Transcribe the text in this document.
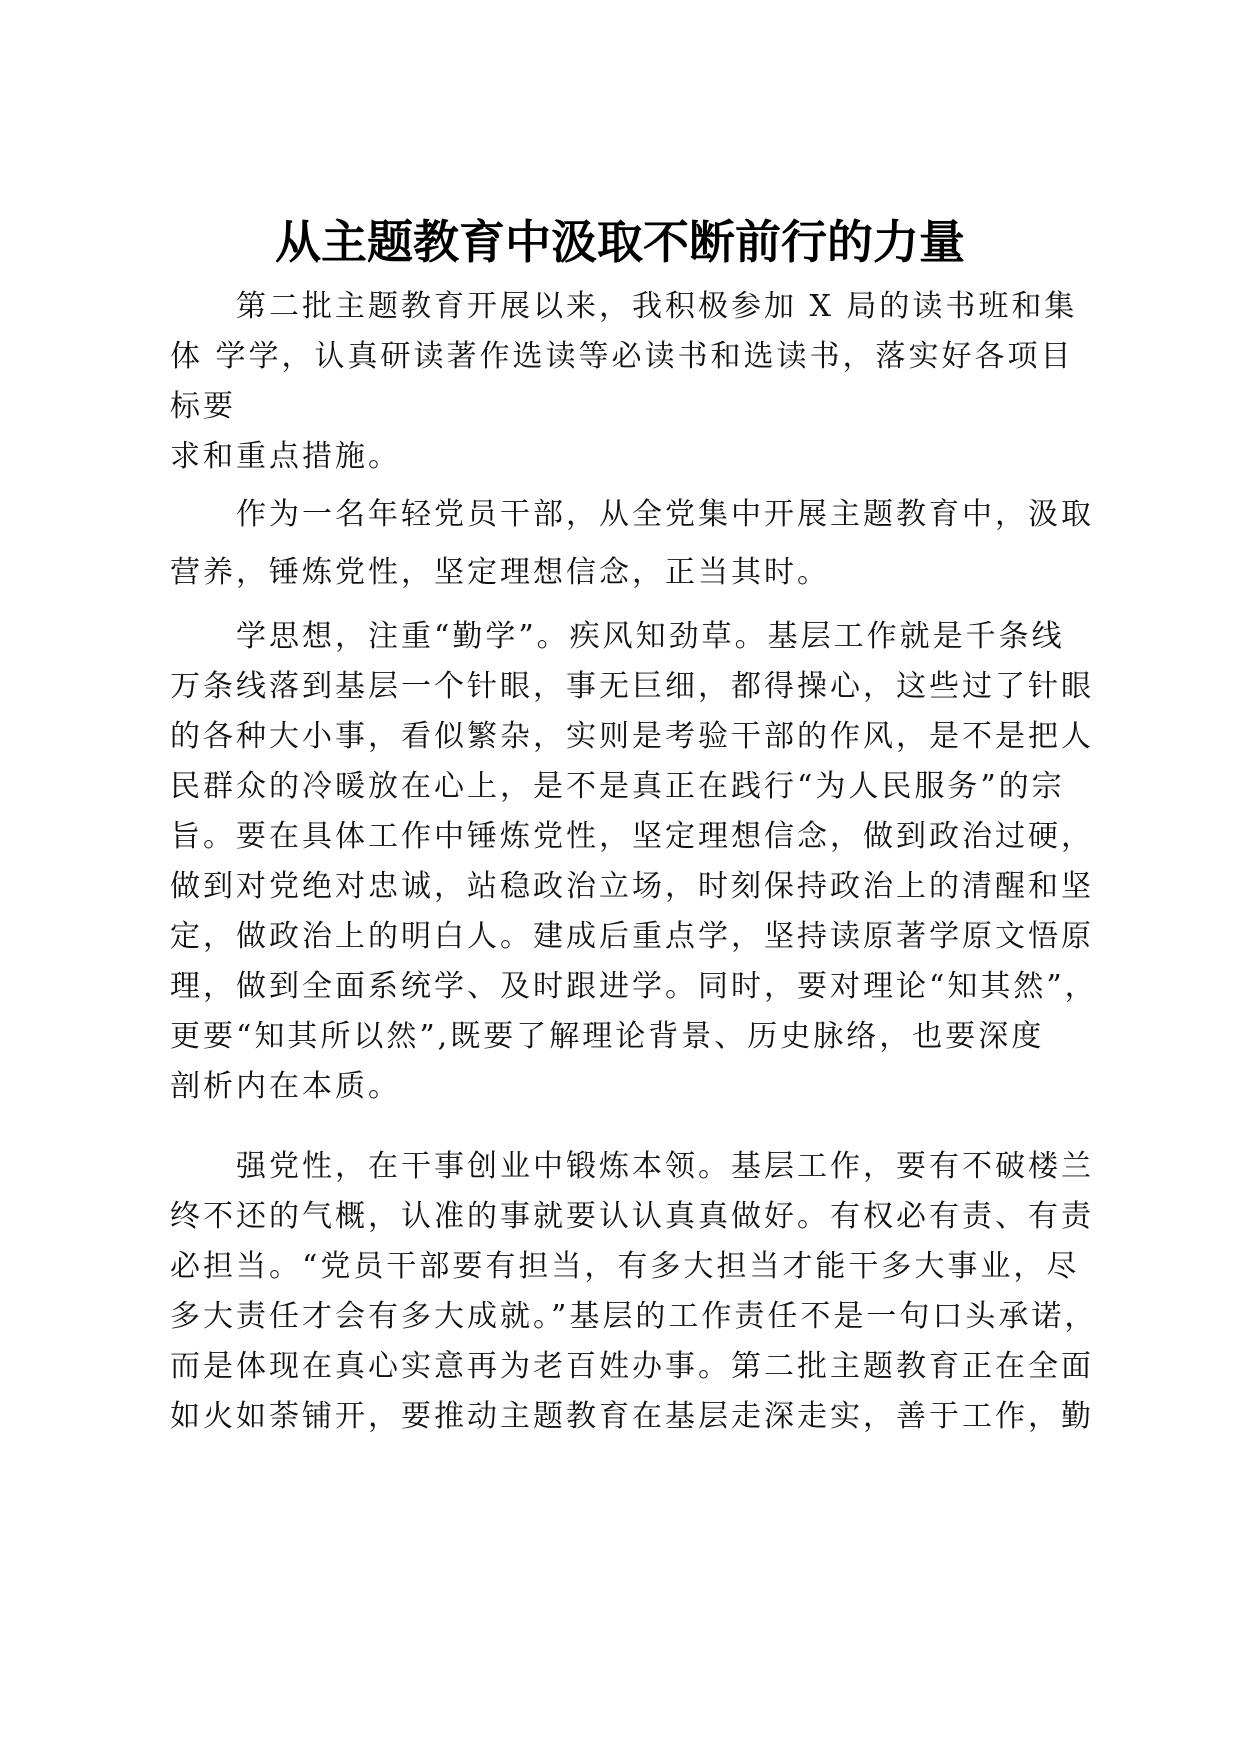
从主题教育中汲取不断前行的力量
第二批主题教育开展以来，我积极参加 X 局的读书班和集
体 学学，认真研读著作选读等必读书和选读书，落实好各项目
标要
求和重点措施。
作为一名年轻党员干部，从全党集中开展主题教育中，汲取
营养，锤炼党性，坚定理想信念，正当其时。
学思想，注重“勤学”。疾风知劲草。基层工作就是千条线
万条线落到基层一个针眼，事无巨细，都得操心，这些过了针眼
的各种大小事，看似繁杂，实则是考验干部的作风，是不是把人
民群众的冷暖放在心上，是不是真正在践行“为人民服务”的宗
旨。要在具体工作中锤炼党性，坚定理想信念，做到政治过硬，
做到对党绝对忠诚，站稳政治立场，时刻保持政治上的清醒和坚
定，做政治上的明白人。建成后重点学，坚持读原著学原文悟原
理，做到全面系统学、及时跟进学。同时，要对理论“知其然”，
更要“知其所以然”,既要了解理论背景、历史脉络，也要深度
剖析内在本质。
强党性，在干事创业中锻炼本领。基层工作，要有不破楼兰
终不还的气概，认准的事就要认认真真做好。有权必有责、有责
必担当。“党员干部要有担当，有多大担当才能干多大事业，尽
多大责任才会有多大成就。”基层的工作责任不是一句口头承诺，
而是体现在真心实意再为老百姓办事。第二批主题教育正在全面
如火如荼铺开，要推动主题教育在基层走深走实，善于工作，勤
